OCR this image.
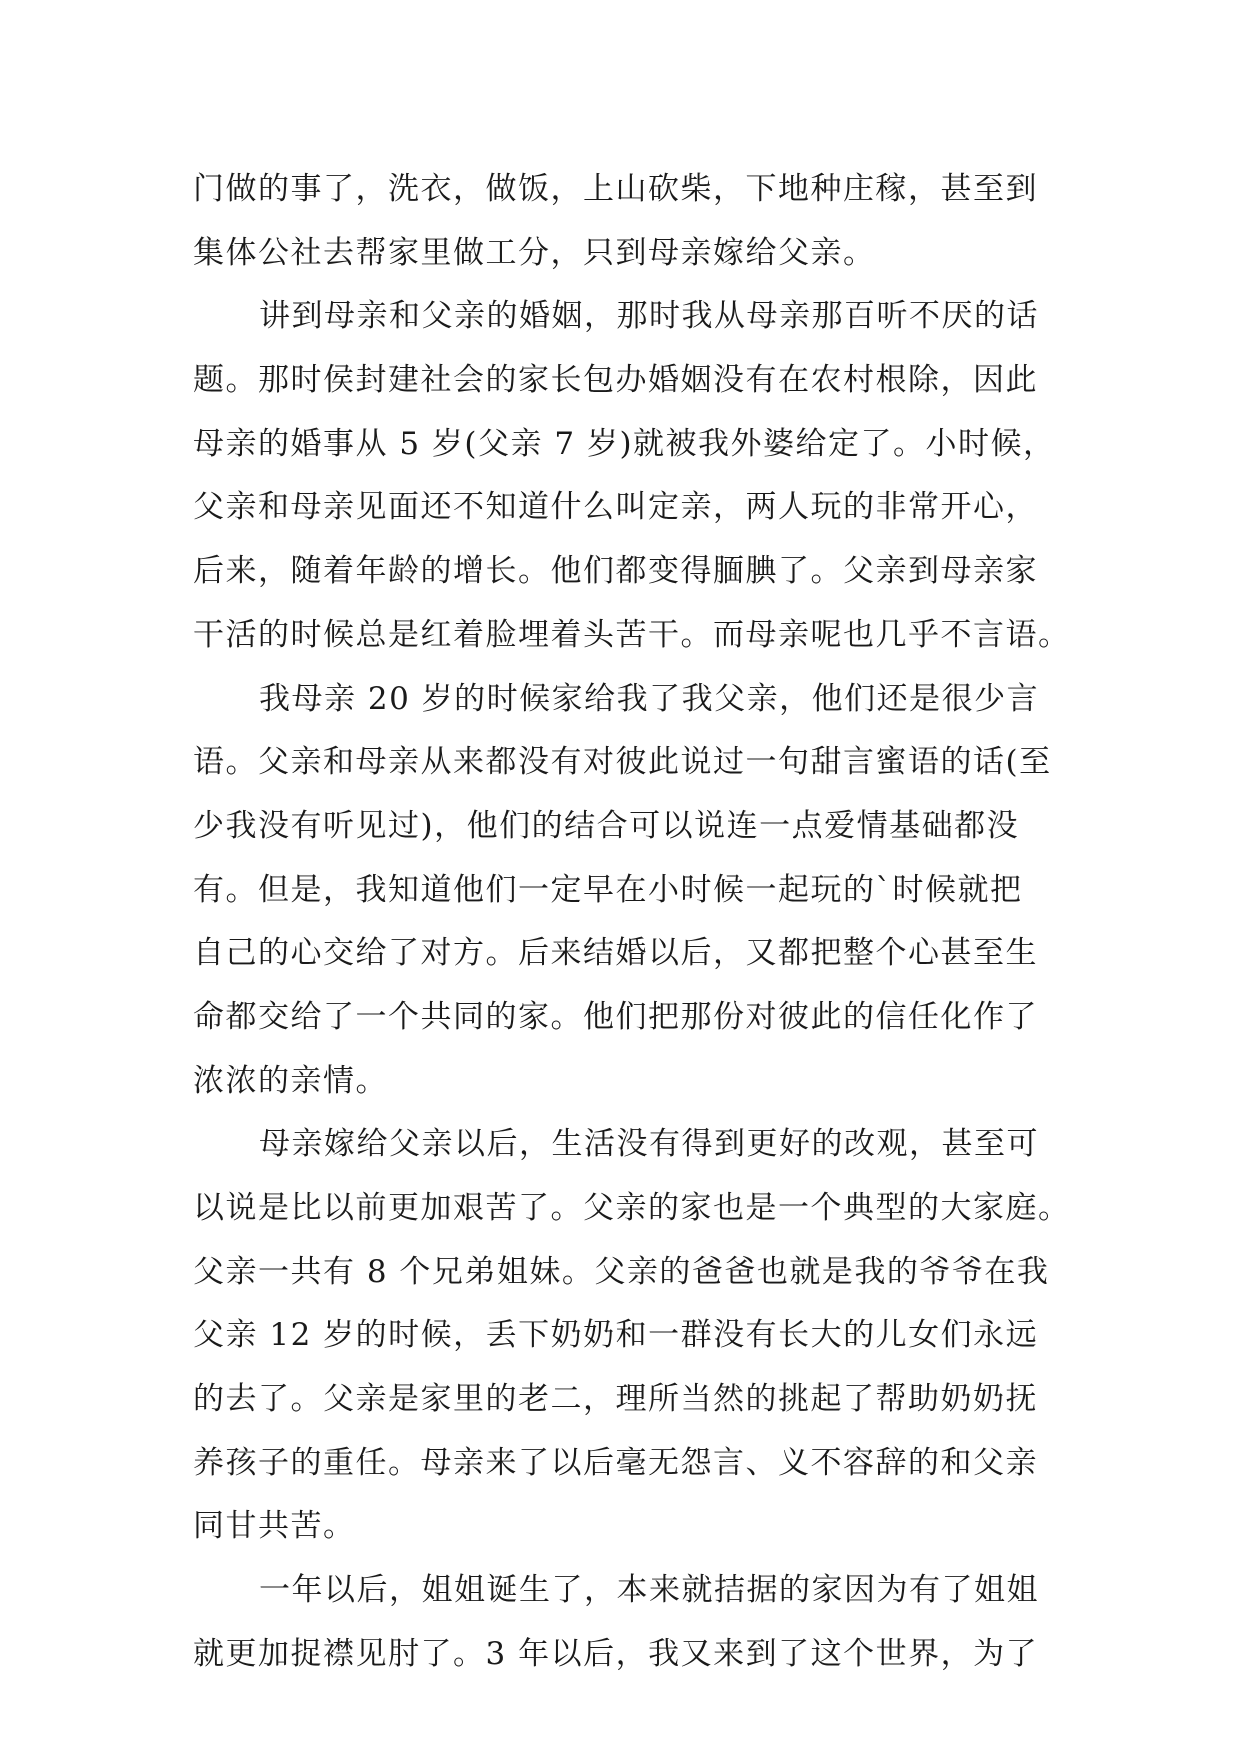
门做的事了，洗衣，做饭，上山砍柴，下地种庄稼，甚至到
集体公社去帮家里做工分，只到母亲嫁给父亲。
讲到母亲和父亲的婚姻，那时我从母亲那百听不厌的话
题。那时侯封建社会的家长包办婚姻没有在农村根除，因此
母亲的婚事从 5 岁(父亲 7 岁)就被我外婆给定了。小时候，
父亲和母亲见面还不知道什么叫定亲，两人玩的非常开心，
后来，随着年龄的增长。他们都变得腼腆了。父亲到母亲家
干活的时候总是红着脸埋着头苦干。而母亲呢也几乎不言语。
我母亲 20 岁的时候家给我了我父亲，他们还是很少言
语。父亲和母亲从来都没有对彼此说过一句甜言蜜语的话(至
少我没有听见过)，他们的结合可以说连一点爱情基础都没
有。但是，我知道他们一定早在小时候一起玩的`时候就把
自己的心交给了对方。后来结婚以后，又都把整个心甚至生
命都交给了一个共同的家。他们把那份对彼此的信任化作了
浓浓的亲情。
母亲嫁给父亲以后，生活没有得到更好的改观，甚至可
以说是比以前更加艰苦了。父亲的家也是一个典型的大家庭。
父亲一共有 8 个兄弟姐妹。父亲的爸爸也就是我的爷爷在我
父亲 12 岁的时候，丢下奶奶和一群没有长大的儿女们永远
的去了。父亲是家里的老二，理所当然的挑起了帮助奶奶抚
养孩子的重任。母亲来了以后毫无怨言、义不容辞的和父亲
同甘共苦。
一年以后，姐姐诞生了，本来就拮据的家因为有了姐姐
就更加捉襟见肘了。3 年以后，我又来到了这个世界，为了
